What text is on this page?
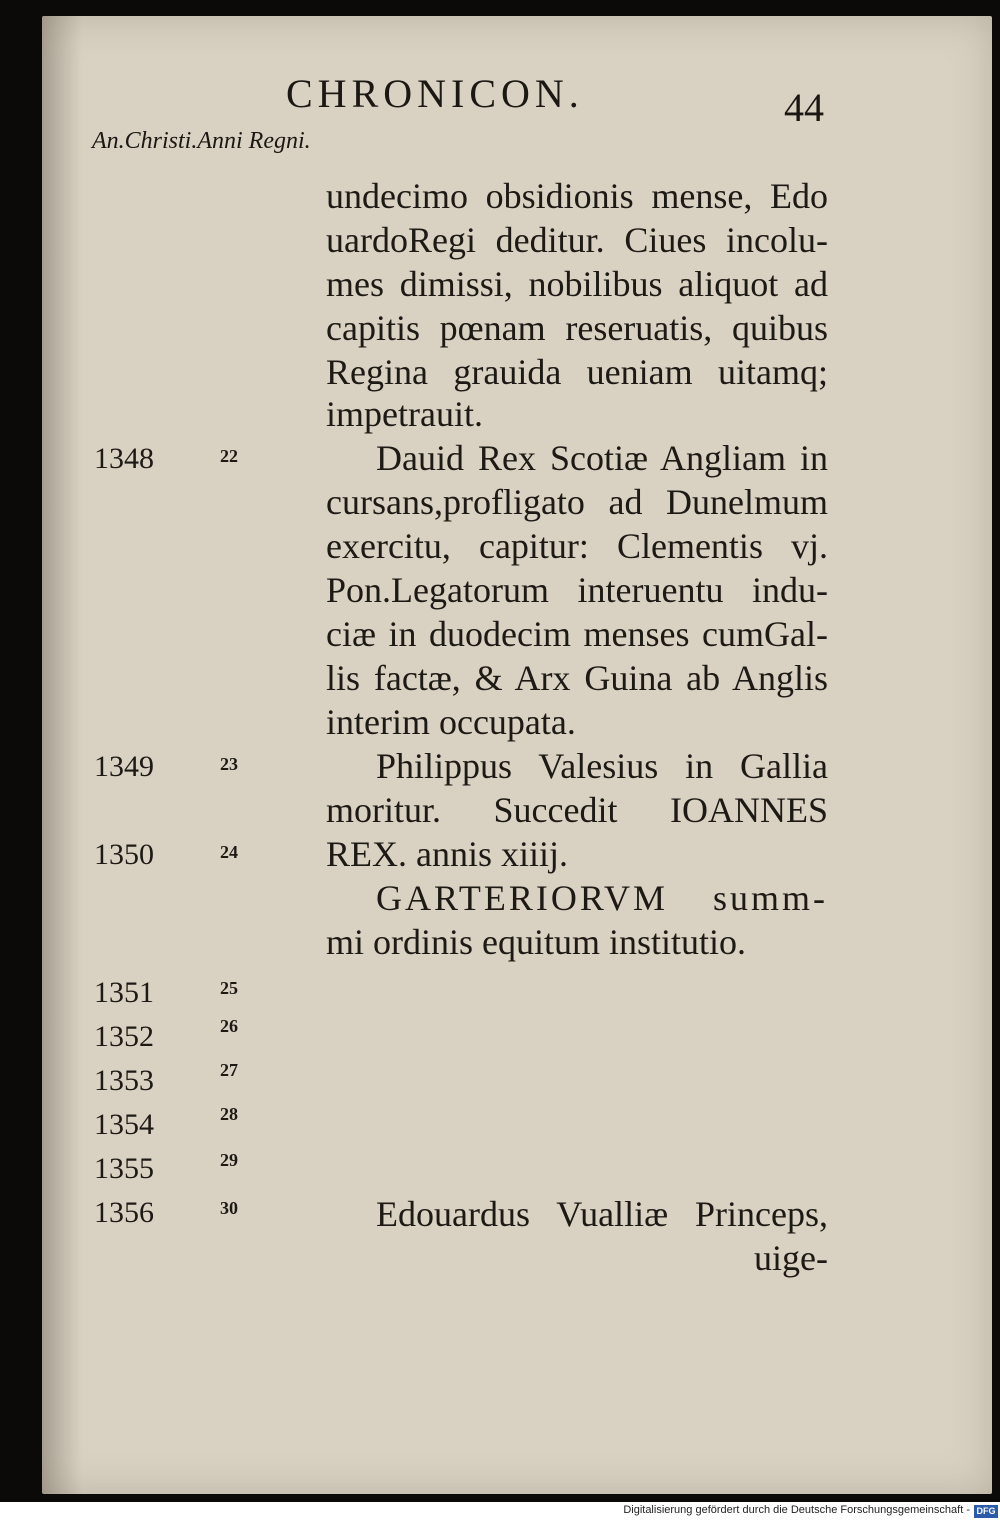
CHRONICON.	44
An.Christi.Anni Regni.
undecimo obsidionis mense, Edo
uardoRegi deditur. Ciues incolu-
mes dimissi, nobilibus aliquot ad
capitis pœnam reseruatis, quibus
Regina grauida ueniam uitamq;
impetrauit.
Dauid Rex Scotiæ Angliam in
cursans,profligato ad Dunelmum
exercitu, capitur: Clementis vj.
Pon.Legatorum interuentu indu-
ciæ in duodecim menses cumGal-
lis factæ, & Arx Guina ab Anglis
interim occupata.
Philippus Valesius in Gallia
moritur. Succedit IOANNES
REX. annis xiiij.
GARTERIORVM summ-
mi ordinis equitum institutio.
Edouardus Vualliæ Princeps,
uige-
1348	22
1349	23
1350	24
1351	25
1352	26
1353	27
1354	28
1355	29
1356	30
Digitalisierung gefördert durch die Deutsche Forschungsgemeinschaft - DFG
